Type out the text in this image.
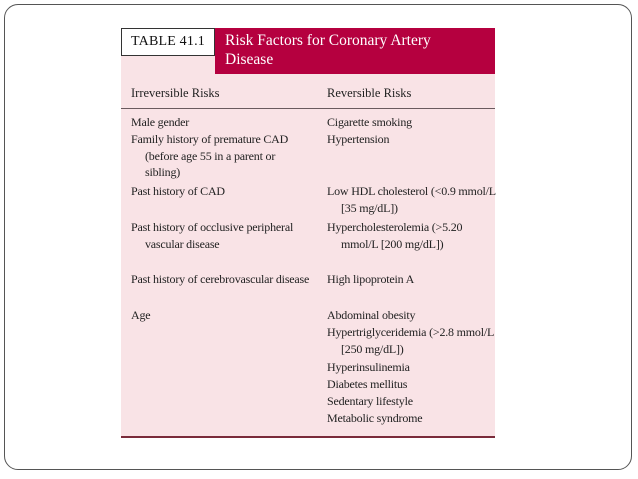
TABLE 41.1 Risk Factors for Coronary Artery
Disease
Irreversible Risks	Reversible Risks
Male gender
Family history of premature CAD (before age 55 in a parent or sibling)
Past history of CAD
Past history of occlusive peripheral vascular disease
Past history of cerebrovascular disease
Age
Cigarette smoking
Hypertension
Low HDL cholesterol (<0.9 mmol/L [35 mg/dL])
Hypercholesterolemia (>5.20 mmol/L [200 mg/dL])
High lipoprotein A
Abdominal obesity
Hypertriglyceridemia (>2.8 mmol/L [250 mg/dL])
Hyperinsulinemia
Diabetes mellitus
Sedentary lifestyle
Metabolic syndrome
